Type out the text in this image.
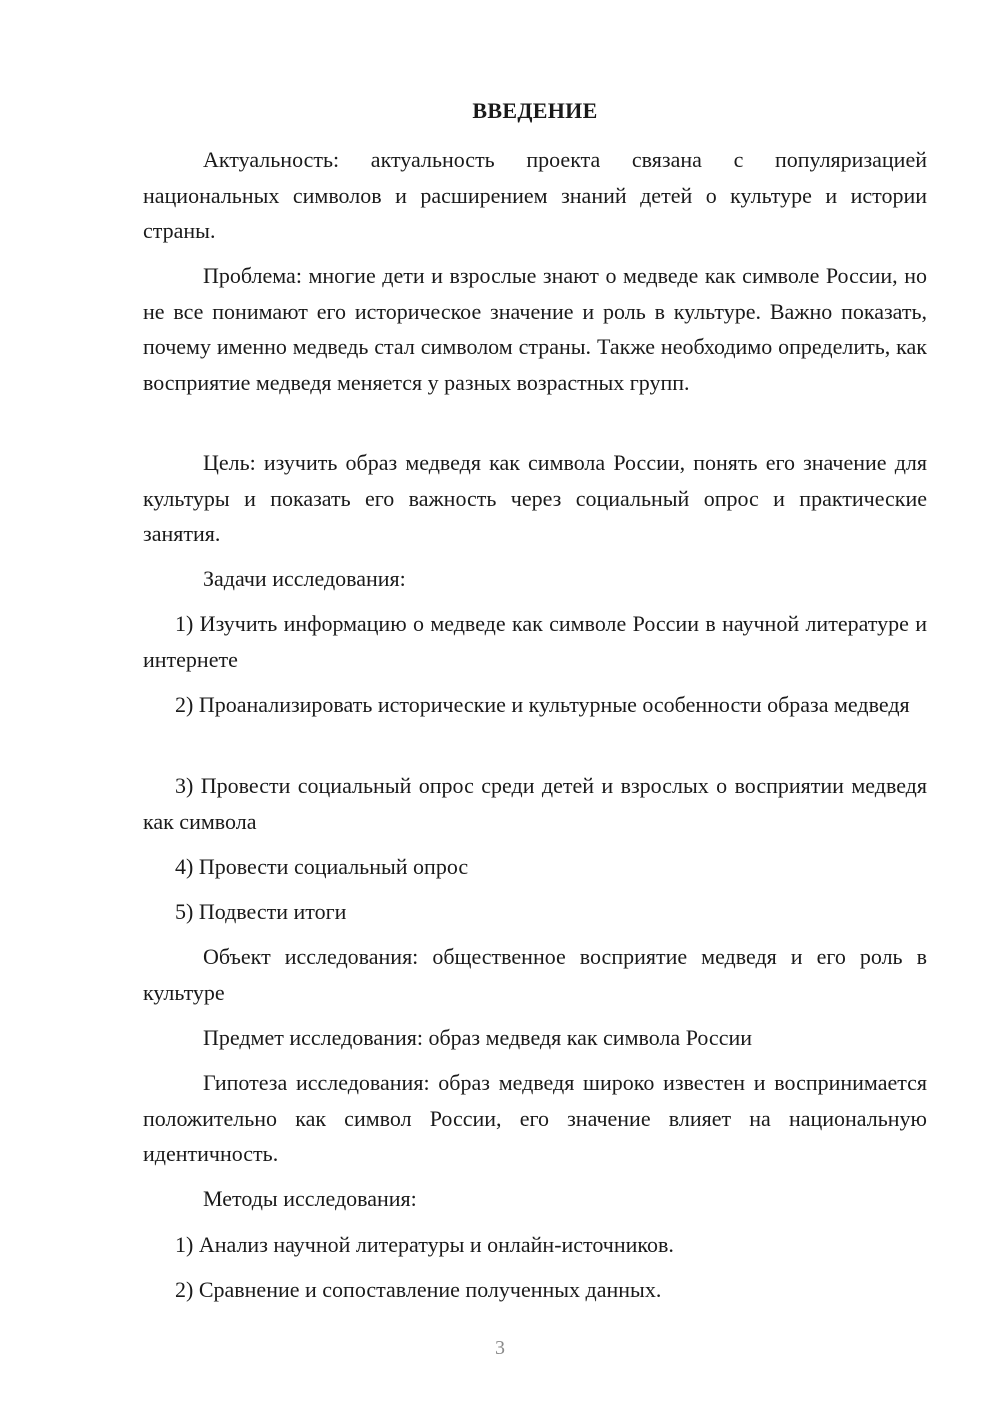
ВВЕДЕНИЕ

Актуальность: актуальность проекта связана с популяризацией национальных символов и расширением знаний детей о культуре и истории страны.

Проблема: многие дети и взрослые знают о медведе как символе России, но не все понимают его историческое значение и роль в культуре. Важно показать, почему именно медведь стал символом страны. Также необходимо определить, как восприятие медведя меняется у разных возрастных групп.

Цель: изучить образ медведя как символа России, понять его значение для культуры и показать его важность через социальный опрос и практические занятия.

Задачи исследования:

1) Изучить информацию о медведе как символе России в научной литературе и интернете

2) Проанализировать исторические и культурные особенности образа медведя

3) Провести социальный опрос среди детей и взрослых о восприятии медведя как символа

4) Провести социальный опрос

5) Подвести итоги

Объект исследования: общественное восприятие медведя и его роль в культуре

Предмет исследования: образ медведя как символа России

Гипотеза исследования: образ медведя широко известен и воспринимается положительно как символ России, его значение влияет на национальную идентичность.

Методы исследования:

1) Анализ научной литературы и онлайн-источников.

2) Сравнение и сопоставление полученных данных.

3
